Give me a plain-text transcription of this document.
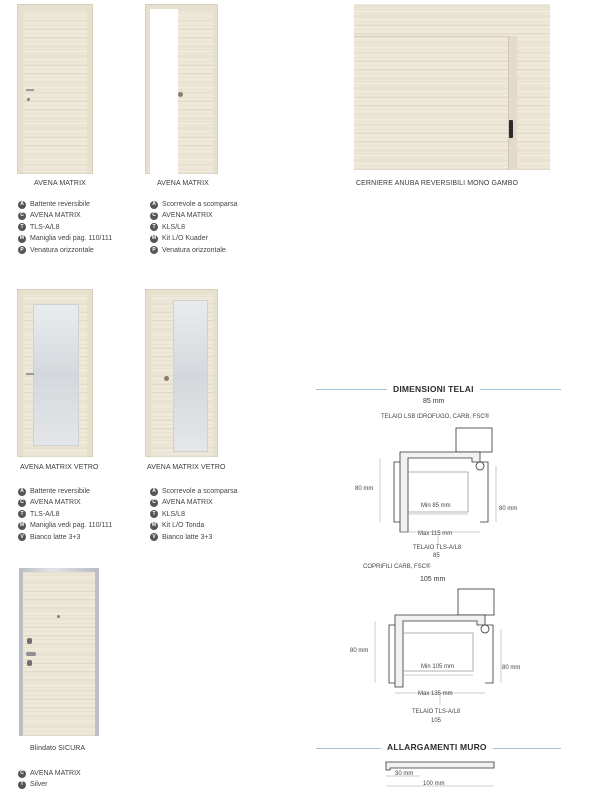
AVENA MATRIX	AVENA MATRIX	CERNIERE ANUBA REVERSIBILI MONO GAMBO
A Battente reversibile
C AVENA MATRIX
T TLS-A/L8
M Maniglia vedi pag. 110/111
P Venatura orizzontale
A Scorrevole a scomparsa
C AVENA MATRIX
T KLS/L8
M Kit L/O Kuader
P Venatura orizzontale
AVENA MATRIX VETRO	AVENA MATRIX VETRO
A Battente reversibile
C AVENA MATRIX
T TLS-A/L8
M Maniglia vedi pag. 110/111
V Bianco latte 3+3
A Scorrevole a scomparsa
C AVENA MATRIX
T KLS/L8
M Kit L/O Tonda
V Bianco latte 3+3
Blindato SICURA
C AVENA MATRIX
T Silver
DIMENSIONI TELAI
85 mm
TELAIO LSB IDROFUGO, CARB, FSC®
80 mm
80 mm
Min 85 mm
Max 115 mm
TELAIO TLS-A/L8
85
COPRIFILI CARB, FSC®
105 mm
80 mm
80 mm
Min 105 mm
Max 135 mm
TELAIO TLS-A/L8
105
ALLARGAMENTI MURO
30 mm
100 mm
